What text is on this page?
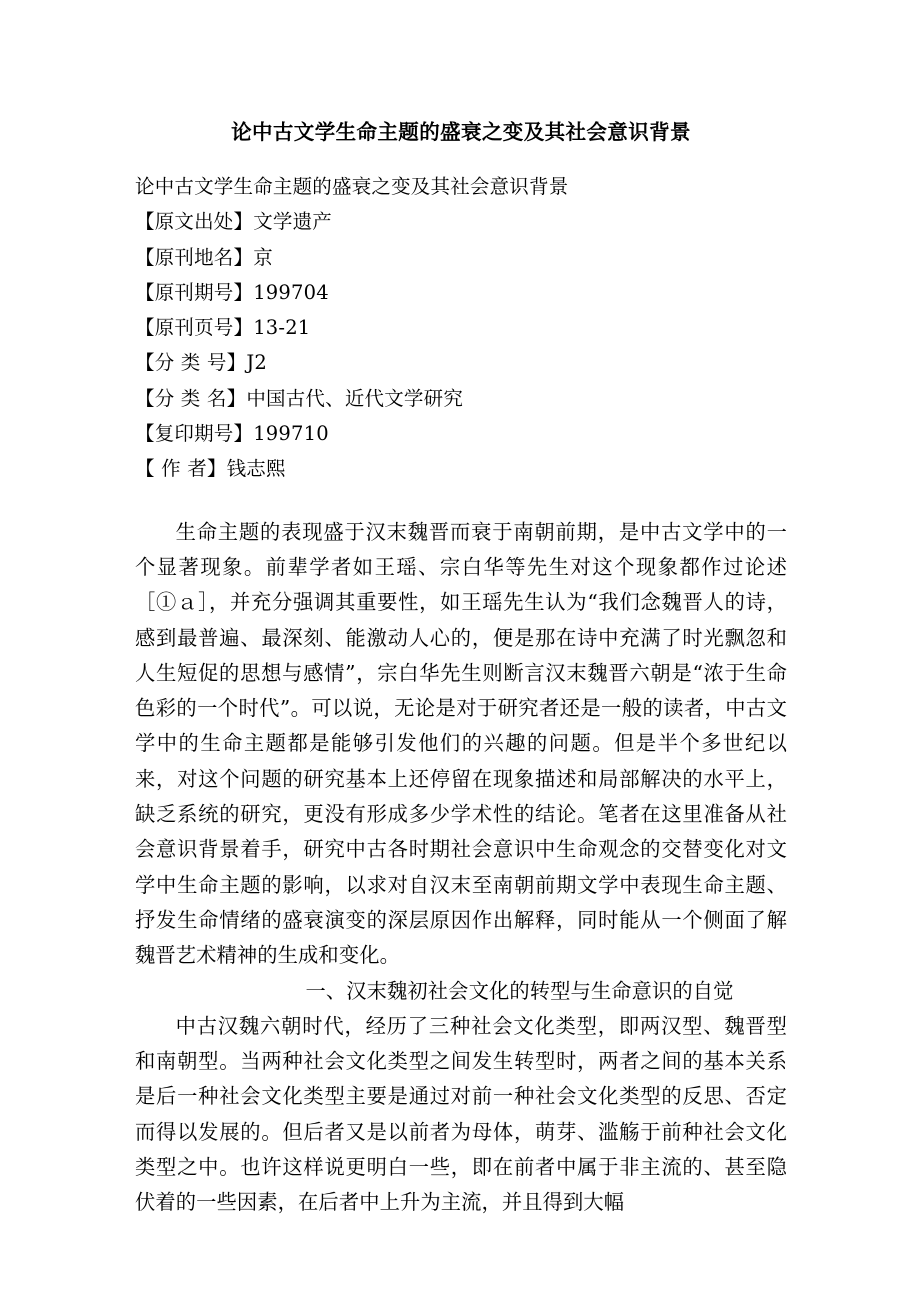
论中古文学生命主题的盛衰之变及其社会意识背景
论中古文学生命主题的盛衰之变及其社会意识背景
【原文出处】文学遗产
【原刊地名】京
【原刊期号】199704
【原刊页号】13-21
【分 类 号】J2
【分 类 名】中国古代、近代文学研究
【复印期号】199710
【 作 者】钱志熙

生命主题的表现盛于汉末魏晋而衰于南朝前期，是中古文学中的一个显著现象。前辈学者如王瑶、宗白华等先生对这个现象都作过论述［①ａ］，并充分强调其重要性，如王瑶先生认为“我们念魏晋人的诗，感到最普遍、最深刻、能激动人心的，便是那在诗中充满了时光飘忽和人生短促的思想与感情”，宗白华先生则断言汉末魏晋六朝是“浓于生命色彩的一个时代”。可以说，无论是对于研究者还是一般的读者，中古文学中的生命主题都是能够引发他们的兴趣的问题。但是半个多世纪以来，对这个问题的研究基本上还停留在现象描述和局部解决的水平上，缺乏系统的研究，更没有形成多少学术性的结论。笔者在这里准备从社会意识背景着手，研究中古各时期社会意识中生命观念的交替变化对文学中生命主题的影响，以求对自汉末至南朝前期文学中表现生命主题、抒发生命情绪的盛衰演变的深层原因作出解释，同时能从一个侧面了解魏晋艺术精神的生成和变化。

一、汉末魏初社会文化的转型与生命意识的自觉

中古汉魏六朝时代，经历了三种社会文化类型，即两汉型、魏晋型和南朝型。当两种社会文化类型之间发生转型时，两者之间的基本关系是后一种社会文化类型主要是通过对前一种社会文化类型的反思、否定而得以发展的。但后者又是以前者为母体，萌芽、滥觞于前种社会文化类型之中。也许这样说更明白一些，即在前者中属于非主流的、甚至隐伏着的一些因素，在后者中上升为主流，并且得到大幅
